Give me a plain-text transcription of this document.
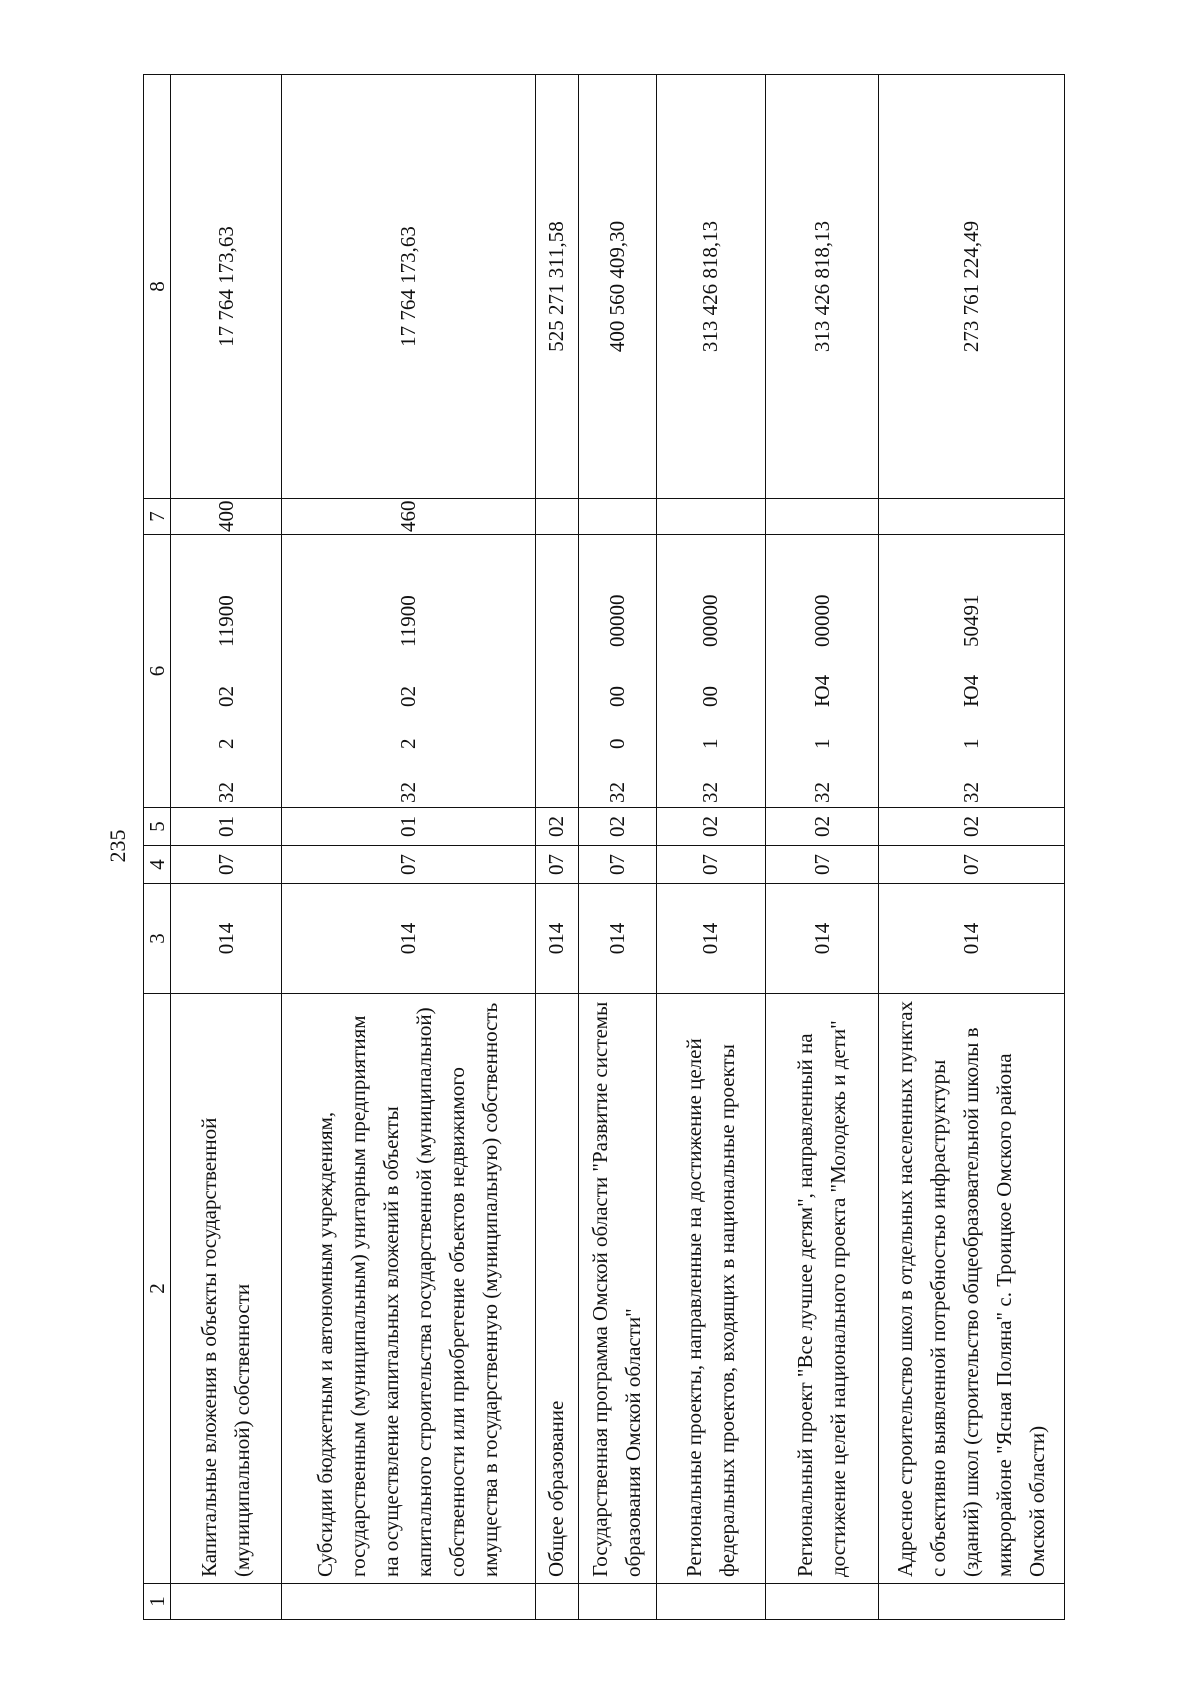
235
1	2	3	4	5	6	7	8
	Капитальные вложения в объекты государственной (муниципальной) собственности	014	07	01	3220211900	400	17 764 173,63
	Субсидии бюджетным и автономным учреждениям, государственным (муниципальным) унитарным предприятиям на осуществление капитальных вложений в объекты капитального строительства государственной (муниципальной) собственности или приобретение объектов недвижимого имущества в государственную (муниципальную) собственность	014	07	01	3220211900	460	17 764 173,63
	Общее образование	014	07	02			525 271 311,58
	Государственная программа Омской области "Развитие системы образования Омской области"	014	07	02	3200000000		400 560 409,30
	Региональные проекты, направленные на достижение целей федеральных проектов, входящих в национальные проекты	014	07	02	3210000000		313 426 818,13
	Региональный проект "Все лучшее детям", направленный на достижение целей национального проекта "Молодежь и дети"	014	07	02	321Ю400000		313 426 818,13
	Адресное строительство школ в отдельных населенных пунктах с объективно выявленной потребностью инфраструктуры (зданий) школ (строительство общеобразовательной школы в микрорайоне "Ясная Поляна" с. Троицкое Омского района Омской области)	014	07	02	321Ю450491		273 761 224,49
